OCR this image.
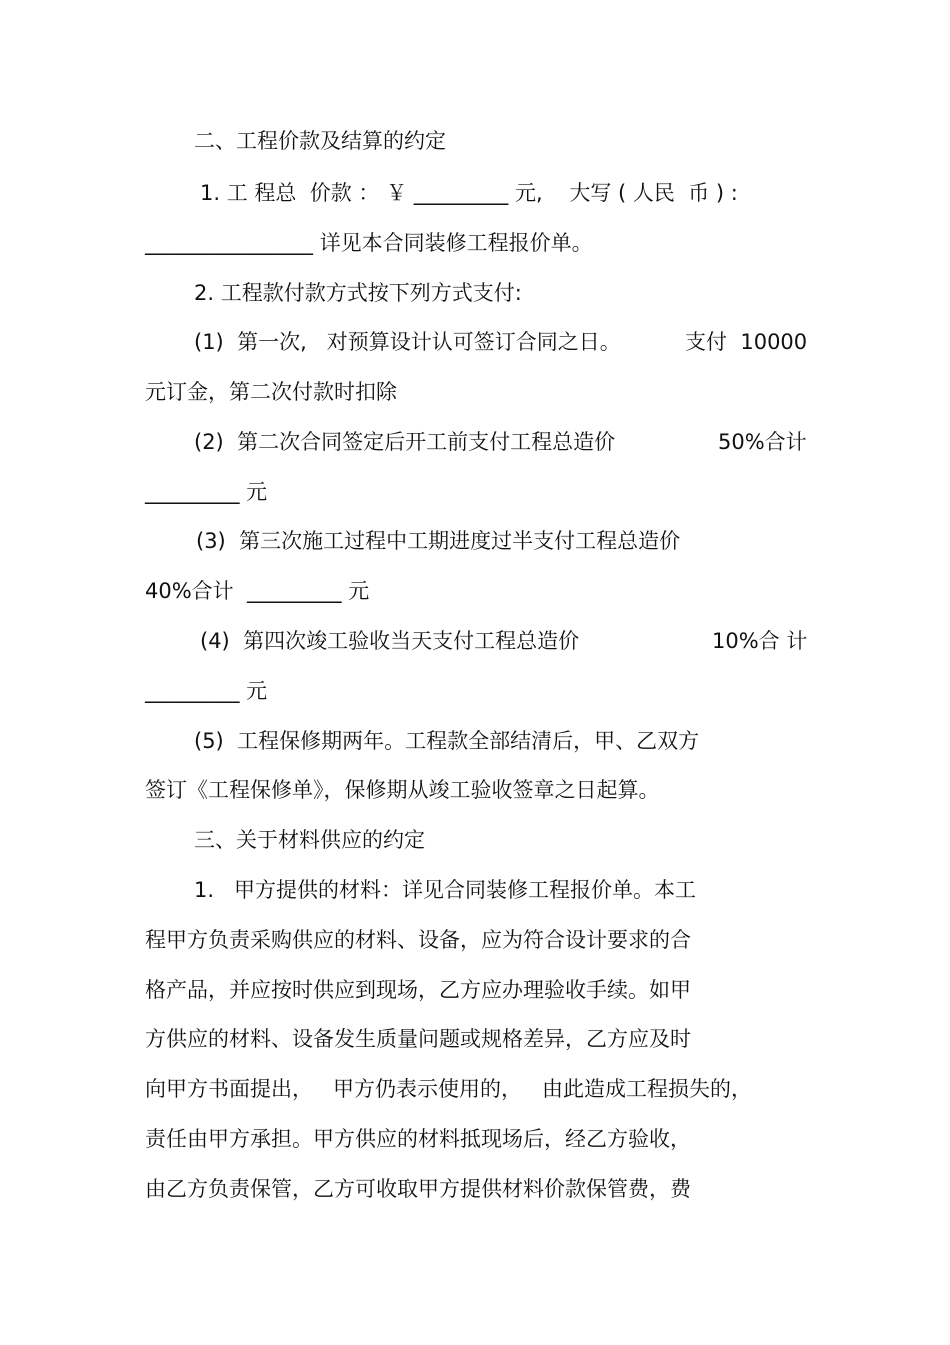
二、工程价款及结算的约定
1. 工 程总  价款 ： ￥ _________ 元,    大写 ( 人民  币 ) :
________________ 详见本合同装修工程报价单。
2. 工程款付款方式按下列方式支付:
(1)  第一次,   对预算设计认可签订合同之日。	支付  10000
元订金，第二次付款时扣除
(2)  第二次合同签定后开工前支付工程总造价	50%合计
_________ 元
(3)  第三次施工过程中工期进度过半支付工程总造价
40%合计  _________ 元
(4)  第四次竣工验收当天支付工程总造价	10%合 计
_________ 元
(5)  工程保修期两年。工程款全部结清后，甲、乙双方
签订《工程保修单》，保修期从竣工验收签章之日起算。
三、关于材料供应的约定
1.   甲方提供的材料：详见合同装修工程报价单。本工
程甲方负责采购供应的材料、设备，应为符合设计要求的合
格产品，并应按时供应到现场，乙方应办理验收手续。如甲
方供应的材料、设备发生质量问题或规格差异，乙方应及时
向甲方书面提出，   甲方仍表示使用的，   由此造成工程损失的，
责任由甲方承担。甲方供应的材料抵现场后，经乙方验收，
由乙方负责保管，乙方可收取甲方提供材料价款保管费，费
